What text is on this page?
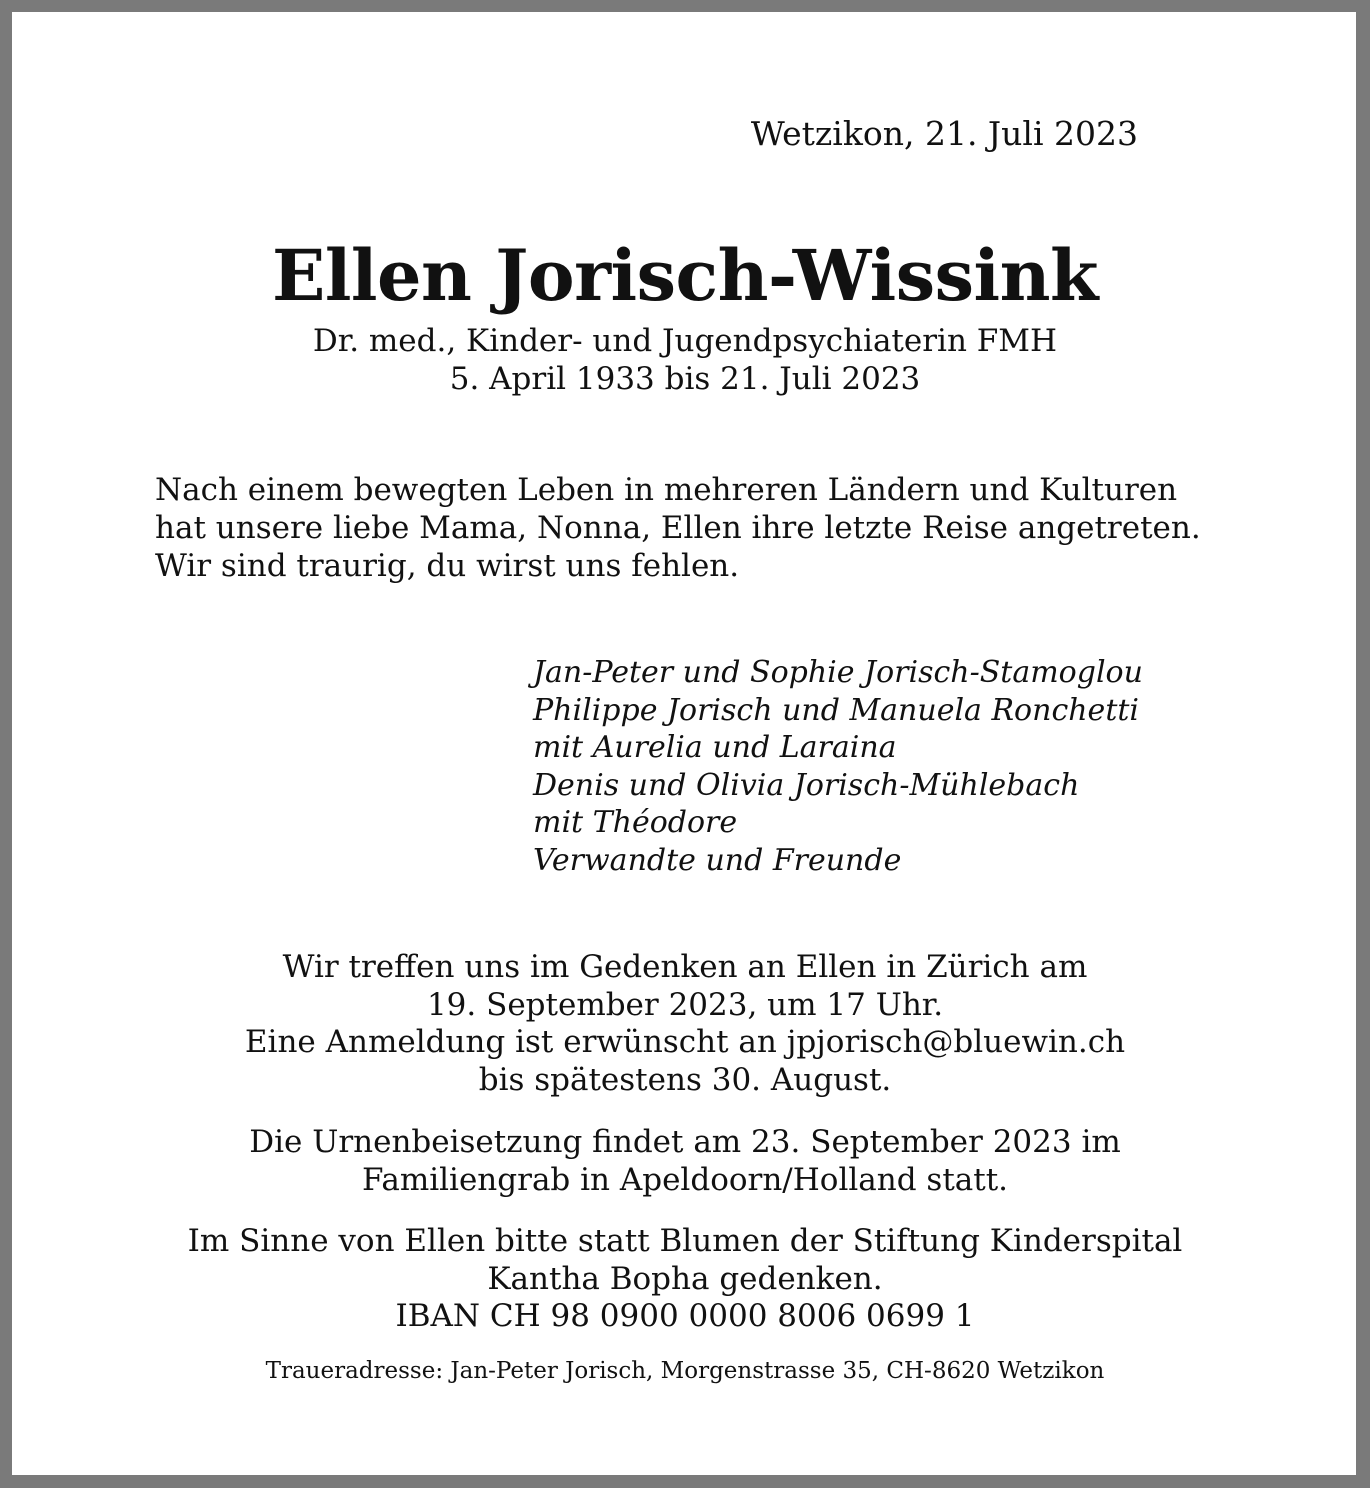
Wetzikon, 21. Juli 2023
Ellen Jorisch-Wissink
Dr. med., Kinder- und Jugendpsychiaterin FMH
5. April 1933 bis 21. Juli 2023
Nach einem bewegten Leben in mehreren Ländern und Kulturen
hat unsere liebe Mama, Nonna, Ellen ihre letzte Reise angetreten.
Wir sind traurig, du wirst uns fehlen.
Jan-Peter und Sophie Jorisch-Stamoglou
Philippe Jorisch und Manuela Ronchetti
mit Aurelia und Laraina
Denis und Olivia Jorisch-Mühlebach
mit Théodore
Verwandte und Freunde
Wir treffen uns im Gedenken an Ellen in Zürich am
19. September 2023, um 17 Uhr.
Eine Anmeldung ist erwünscht an jpjorisch@bluewin.ch
bis spätestens 30. August.
Die Urnenbeisetzung findet am 23. September 2023 im
Familiengrab in Apeldoorn/Holland statt.
Im Sinne von Ellen bitte statt Blumen der Stiftung Kinderspital
Kantha Bopha gedenken.
IBAN CH 98 0900 0000 8006 0699 1
Traueradresse: Jan-Peter Jorisch, Morgenstrasse 35, CH-8620 Wetzikon
